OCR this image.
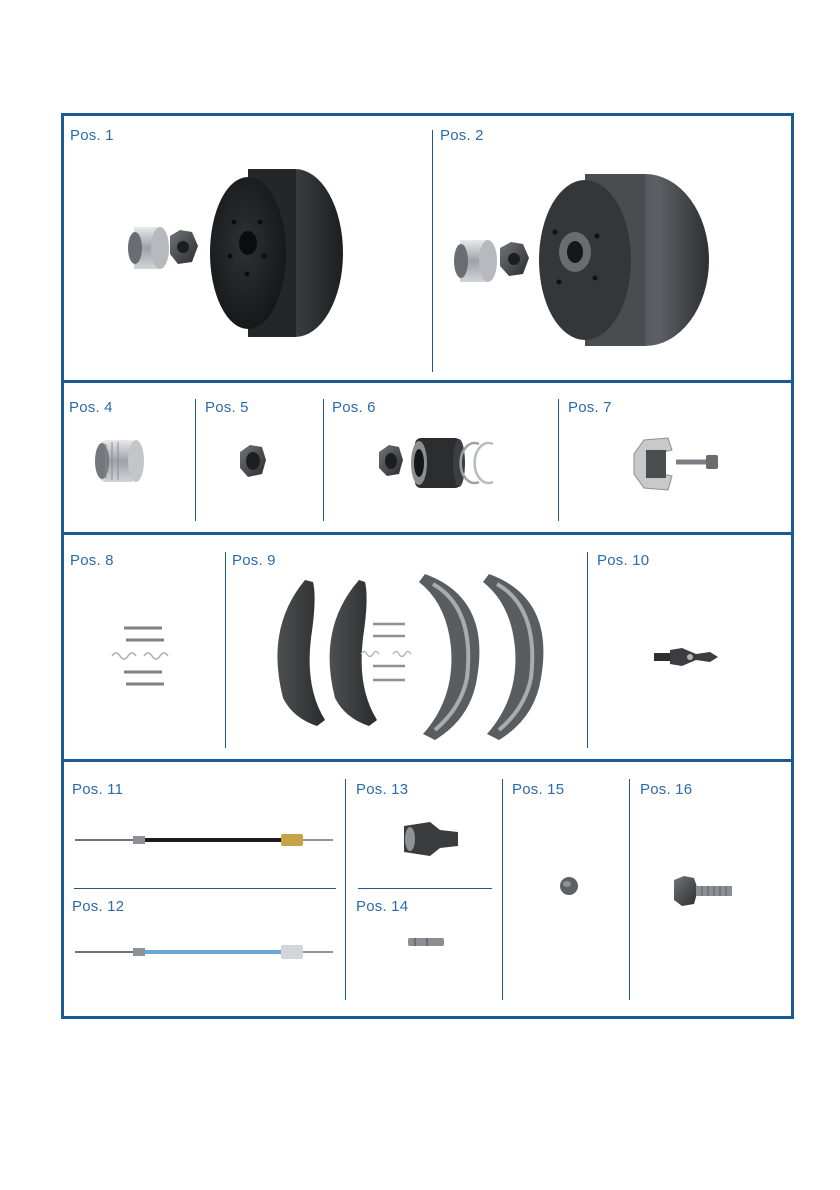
Pos. 1	Pos. 2
Pos. 4	Pos. 5	Pos. 6	Pos. 7
Pos. 8	Pos. 9	Pos. 10
Pos. 11	Pos. 13	Pos. 15	Pos. 16
Pos. 12	Pos. 14
